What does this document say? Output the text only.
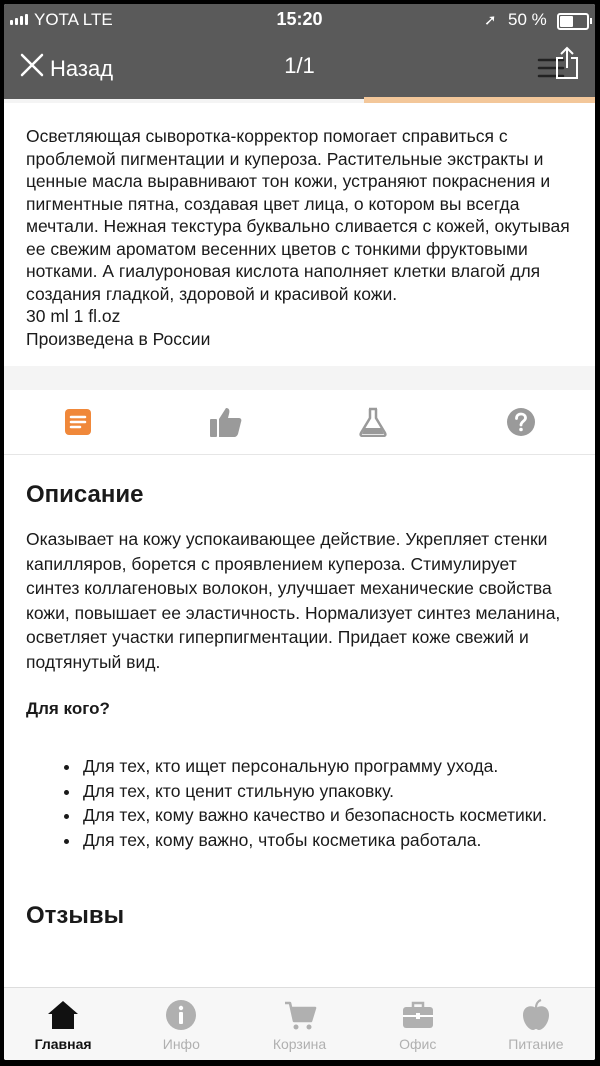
YOTA LTE	15:20	➚ 50 %
Назад	1/1
Осветляющая сыворотка-корректор помогает справиться с проблемой пигментации и купероза. Растительные экстракты и ценные масла выравнивают тон кожи, устраняют покраснения и пигментные пятна, создавая цвет лица, о котором вы всегда мечтали. Нежная текстура буквально сливается с кожей, окутывая ее свежим ароматом весенних цветов с тонкими фруктовыми нотками. А гиалуроновая кислота наполняет клетки влагой для создания гладкой, здоровой и красивой кожи.
30 ml 1 fl.oz
Произведена в России
Описание
Оказывает на кожу успокаивающее действие. Укрепляет стенки капилляров, борется с проявлением купероза. Стимулирует синтез коллагеновых волокон, улучшает механические свойства кожи, повышает ее эластичность. Нормализует синтез меланина, осветляет участки гиперпигментации. Придает коже свежий и подтянутый вид.
Для кого?
• Для тех, кто ищет персональную программу ухода.
• Для тех, кто ценит стильную упаковку.
• Для тех, кому важно качество и безопасность косметики.
• Для тех, кому важно, чтобы косметика работала.
Отзывы
Главная	Инфо	Корзина	Офис	Питание
